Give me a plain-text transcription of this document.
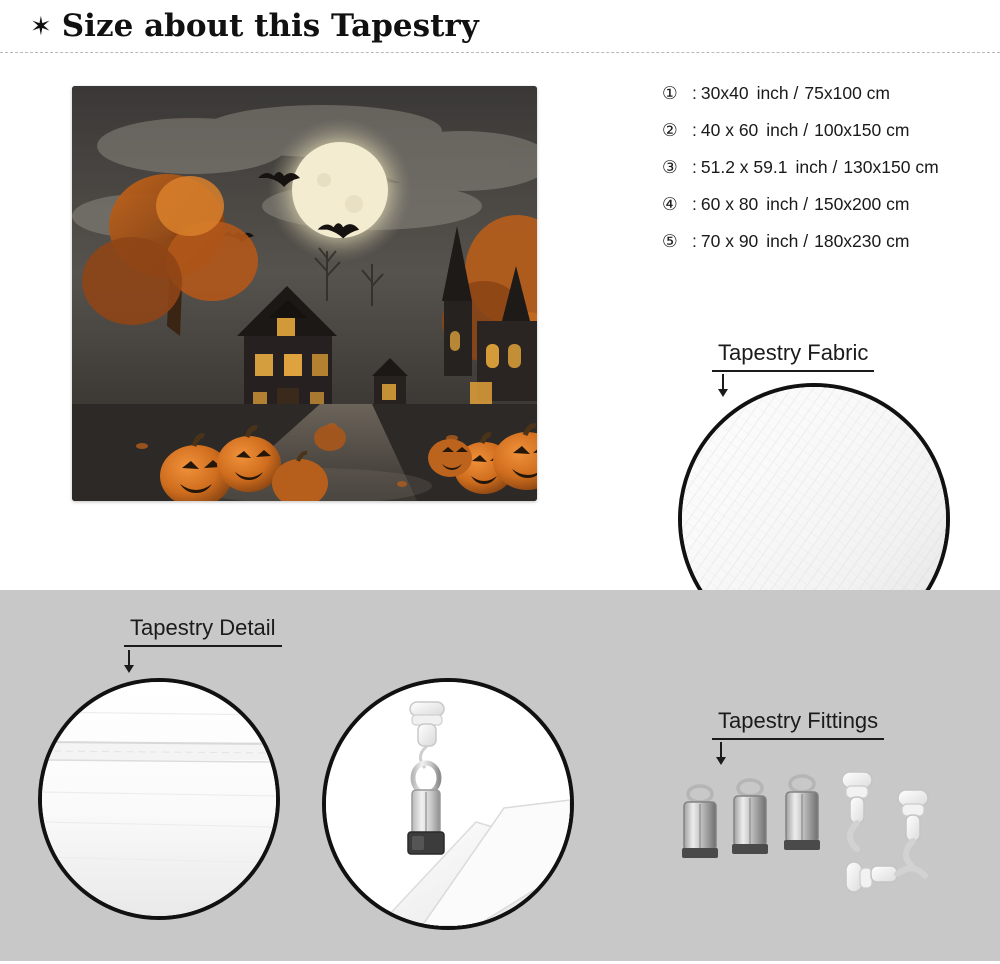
✶ Size about this Tapestry
① : 30x40 inch / 75x100 cm
② : 40 x 60 inch / 100x150 cm
③ : 51.2 x 59.1 inch / 130x150 cm
④ : 60 x 80 inch / 150x200 cm
⑤ : 70 x 90 inch / 180x230 cm
Tapestry Fabric
Tapestry Detail
Tapestry Fittings
